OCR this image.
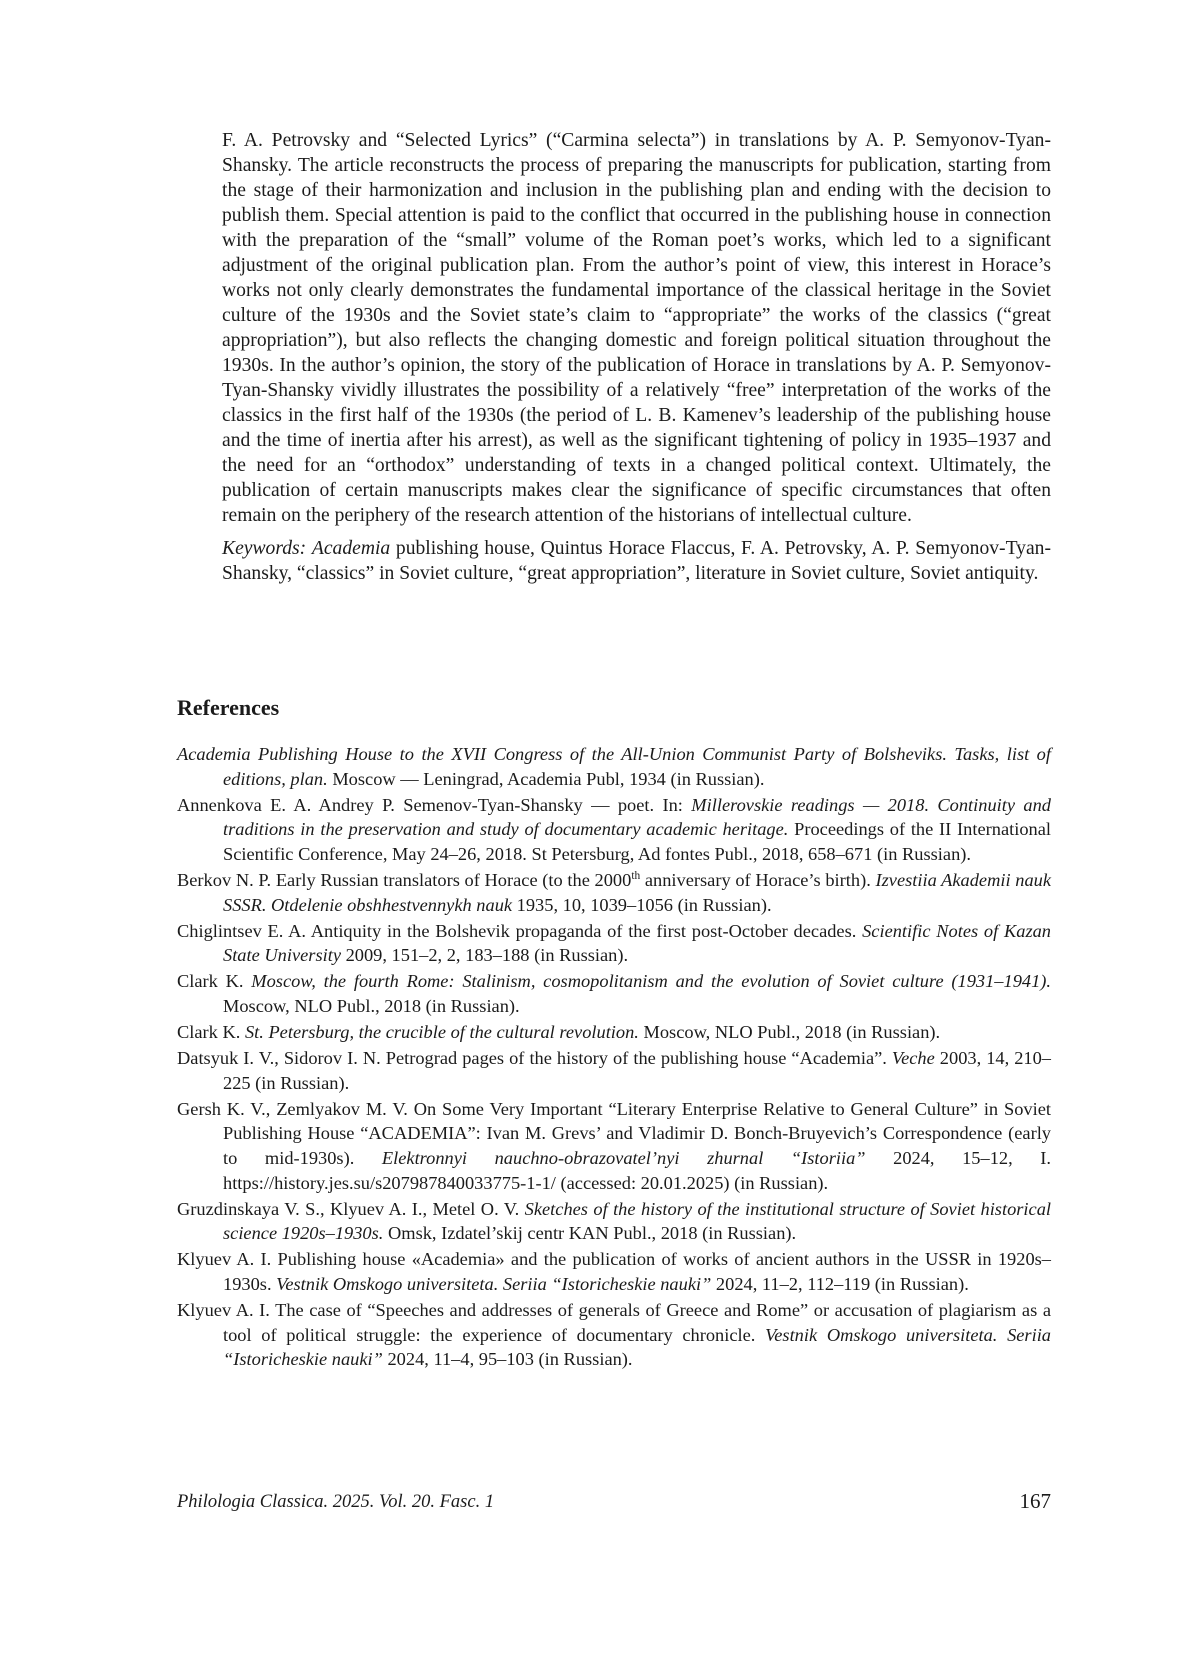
F. A. Petrovsky and “Selected Lyrics” (“Carmina selecta”) in translations by A. P. Semyonov-Tyan-Shansky. The article reconstructs the process of preparing the manuscripts for publication, starting from the stage of their harmonization and inclusion in the publishing plan and ending with the decision to publish them. Special attention is paid to the conflict that occurred in the publishing house in connection with the preparation of the “small” volume of the Roman poet’s works, which led to a significant adjustment of the original publication plan. From the author’s point of view, this interest in Horace’s works not only clearly demonstrates the fundamental importance of the classical heritage in the Soviet culture of the 1930s and the Soviet state’s claim to “appropriate” the works of the classics (“great appropriation”), but also reflects the changing domestic and foreign political situation throughout the 1930s. In the author’s opinion, the story of the publication of Horace in translations by A. P. Semyonov-Tyan-Shansky vividly illustrates the possibility of a relatively “free” interpretation of the works of the classics in the first half of the 1930s (the period of L. B. Kamenev’s leadership of the publishing house and the time of inertia after his arrest), as well as the significant tightening of policy in 1935–1937 and the need for an “orthodox” understanding of texts in a changed political context. Ultimately, the publication of certain manuscripts makes clear the significance of specific circumstances that often remain on the periphery of the research attention of the historians of intellectual culture.

Keywords: Academia publishing house, Quintus Horace Flaccus, F. A. Petrovsky, A. P. Semyonov-Tyan-Shansky, “classics” in Soviet culture, “great appropriation”, literature in Soviet culture, Soviet antiquity.

References

Academia Publishing House to the XVII Congress of the All-Union Communist Party of Bolsheviks. Tasks, list of editions, plan. Moscow — Leningrad, Academia Publ, 1934 (in Russian).

Annenkova E. A. Andrey P. Semenov-Tyan-Shansky — poet. In: Millerovskie readings — 2018. Continuity and traditions in the preservation and study of documentary academic heritage. Proceedings of the II International Scientific Conference, May 24–26, 2018. St Petersburg, Ad fontes Publ., 2018, 658–671 (in Russian).

Berkov N. P. Early Russian translators of Horace (to the 2000th anniversary of Horace’s birth). Izvestiia Akademii nauk SSSR. Otdelenie obshhestvennykh nauk 1935, 10, 1039–1056 (in Russian).

Chiglintsev E. A. Antiquity in the Bolshevik propaganda of the first post-October decades. Scientific Notes of Kazan State University 2009, 151–2, 2, 183–188 (in Russian).

Clark K. Moscow, the fourth Rome: Stalinism, cosmopolitanism and the evolution of Soviet culture (1931–1941). Moscow, NLO Publ., 2018 (in Russian).

Clark K. St. Petersburg, the crucible of the cultural revolution. Moscow, NLO Publ., 2018 (in Russian).

Datsyuk I. V., Sidorov I. N. Petrograd pages of the history of the publishing house “Academia”. Veche 2003, 14, 210–225 (in Russian).

Gersh K. V., Zemlyakov M. V. On Some Very Important “Literary Enterprise Relative to General Culture” in Soviet Publishing House “ACADEMIA”: Ivan M. Grevs’ and Vladimir D. Bonch-Bruyevich’s Correspondence (early to mid-1930s). Elektronnyi nauchno-obrazovatel’nyi zhurnal “Istoriia” 2024, 15–12, I. https://history.jes.su/s207987840033775-1-1/ (accessed: 20.01.2025) (in Russian).

Gruzdinskaya V. S., Klyuev A. I., Metel O. V. Sketches of the history of the institutional structure of Soviet historical science 1920s–1930s. Omsk, Izdatel’skij centr KAN Publ., 2018 (in Russian).

Klyuev A. I. Publishing house «Academia» and the publication of works of ancient authors in the USSR in 1920s–1930s. Vestnik Omskogo universiteta. Seriia “Istoricheskie nauki” 2024, 11–2, 112–119 (in Russian).

Klyuev A. I. The case of “Speeches and addresses of generals of Greece and Rome” or accusation of plagiarism as a tool of political struggle: the experience of documentary chronicle. Vestnik Omskogo universiteta. Seriia “Istoricheskie nauki” 2024, 11–4, 95–103 (in Russian).

Philologia Classica. 2025. Vol. 20. Fasc. 1	167
